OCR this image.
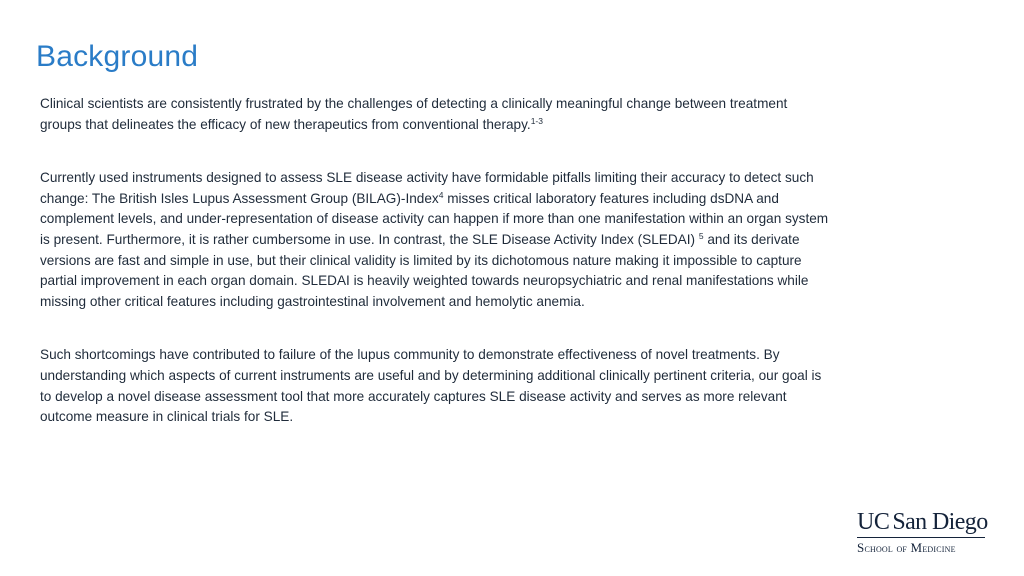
Background

Clinical scientists are consistently frustrated by the challenges of detecting a clinically meaningful change between treatment groups that delineates the efficacy of new therapeutics from conventional therapy.$^{1-3}$

Currently used instruments designed to assess SLE disease activity have formidable pitfalls limiting their accuracy to detect such change: The British Isles Lupus Assessment Group (BILAG)-Index$^4$ misses critical laboratory features including dsDNA and complement levels, and under-representation of disease activity can happen if more than one manifestation within an organ system is present. Furthermore, it is rather cumbersome in use. In contrast, the SLE Disease Activity Index (SLEDAI) $^5$ and its derivate versions are fast and simple in use, but their clinical validity is limited by its dichotomous nature making it impossible to capture partial improvement in each organ domain. SLEDAI is heavily weighted towards neuropsychiatric and renal manifestations while missing other critical features including gastrointestinal involvement and hemolytic anemia.

Such shortcomings have contributed to failure of the lupus community to demonstrate effectiveness of novel treatments. By understanding which aspects of current instruments are useful and by determining additional clinically pertinent criteria, our goal is to develop a novel disease assessment tool that more accurately captures SLE disease activity and serves as more relevant outcome measure in clinical trials for SLE.

UC San Diego
SCHOOL OF MEDICINE
